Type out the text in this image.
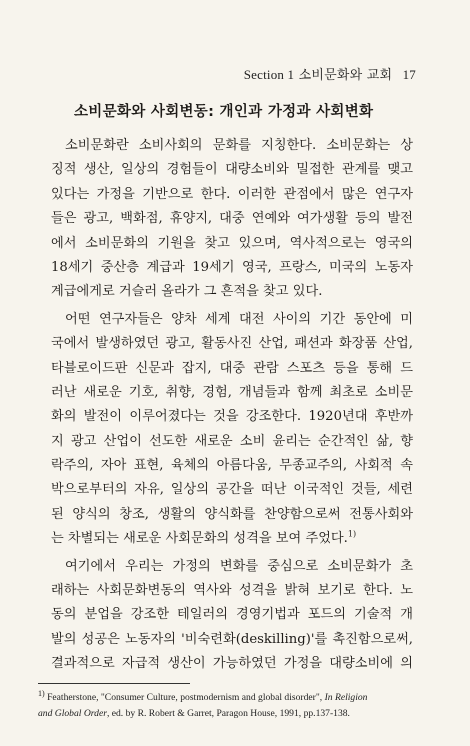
Section 1 소비문화와 교회 17
소비문화와 사회변동: 개인과 가정과 사회변화
소비문화란 소비사회의 문화를 지칭한다. 소비문화는 상
징적 생산, 일상의 경험들이 대량소비와 밀접한 관계를 맺고
있다는 가정을 기반으로 한다. 이러한 관점에서 많은 연구자
들은 광고, 백화점, 휴양지, 대중 연예와 여가생활 등의 발전
에서 소비문화의 기원을 찾고 있으며, 역사적으로는 영국의
18세기 중산층 계급과 19세기 영국, 프랑스, 미국의 노동자
계급에게로 거슬러 올라가 그 흔적을 찾고 있다.
어떤 연구자들은 양차 세계 대전 사이의 기간 동안에 미
국에서 발생하였던 광고, 활동사진 산업, 패션과 화장품 산업,
타블로이드판 신문과 잡지, 대중 관람 스포츠 등을 통해 드
러난 새로운 기호, 취향, 경험, 개념들과 함께 최초로 소비문
화의 발전이 이루어졌다는 것을 강조한다. 1920년대 후반까
지 광고 산업이 선도한 새로운 소비 윤리는 순간적인 삶, 향
락주의, 자아 표현, 육체의 아름다움, 무종교주의, 사회적 속
박으로부터의 자유, 일상의 공간을 떠난 이국적인 것들, 세련
된 양식의 창조, 생활의 양식화를 찬양함으로써 전통사회와
는 차별되는 새로운 사회문화의 성격을 보여 주었다.$^{1)}$
여기에서 우리는 가정의 변화를 중심으로 소비문화가 초
래하는 사회문화변동의 역사와 성격을 밝혀 보기로 한다. 노
동의 분업을 강조한 테일러의 경영기법과 포드의 기술적 개
발의 성공은 노동자의 '비숙련화(deskilling)'를 촉진함으로써,
결과적으로 자급적 생산이 가능하였던 가정을 대량소비에 의
$^{1)}$ Featherstone, "Consumer Culture, postmodernism and global disorder", In Religion
and Global Order, ed. by R. Robert & Garret, Paragon House, 1991, pp.137-138.
